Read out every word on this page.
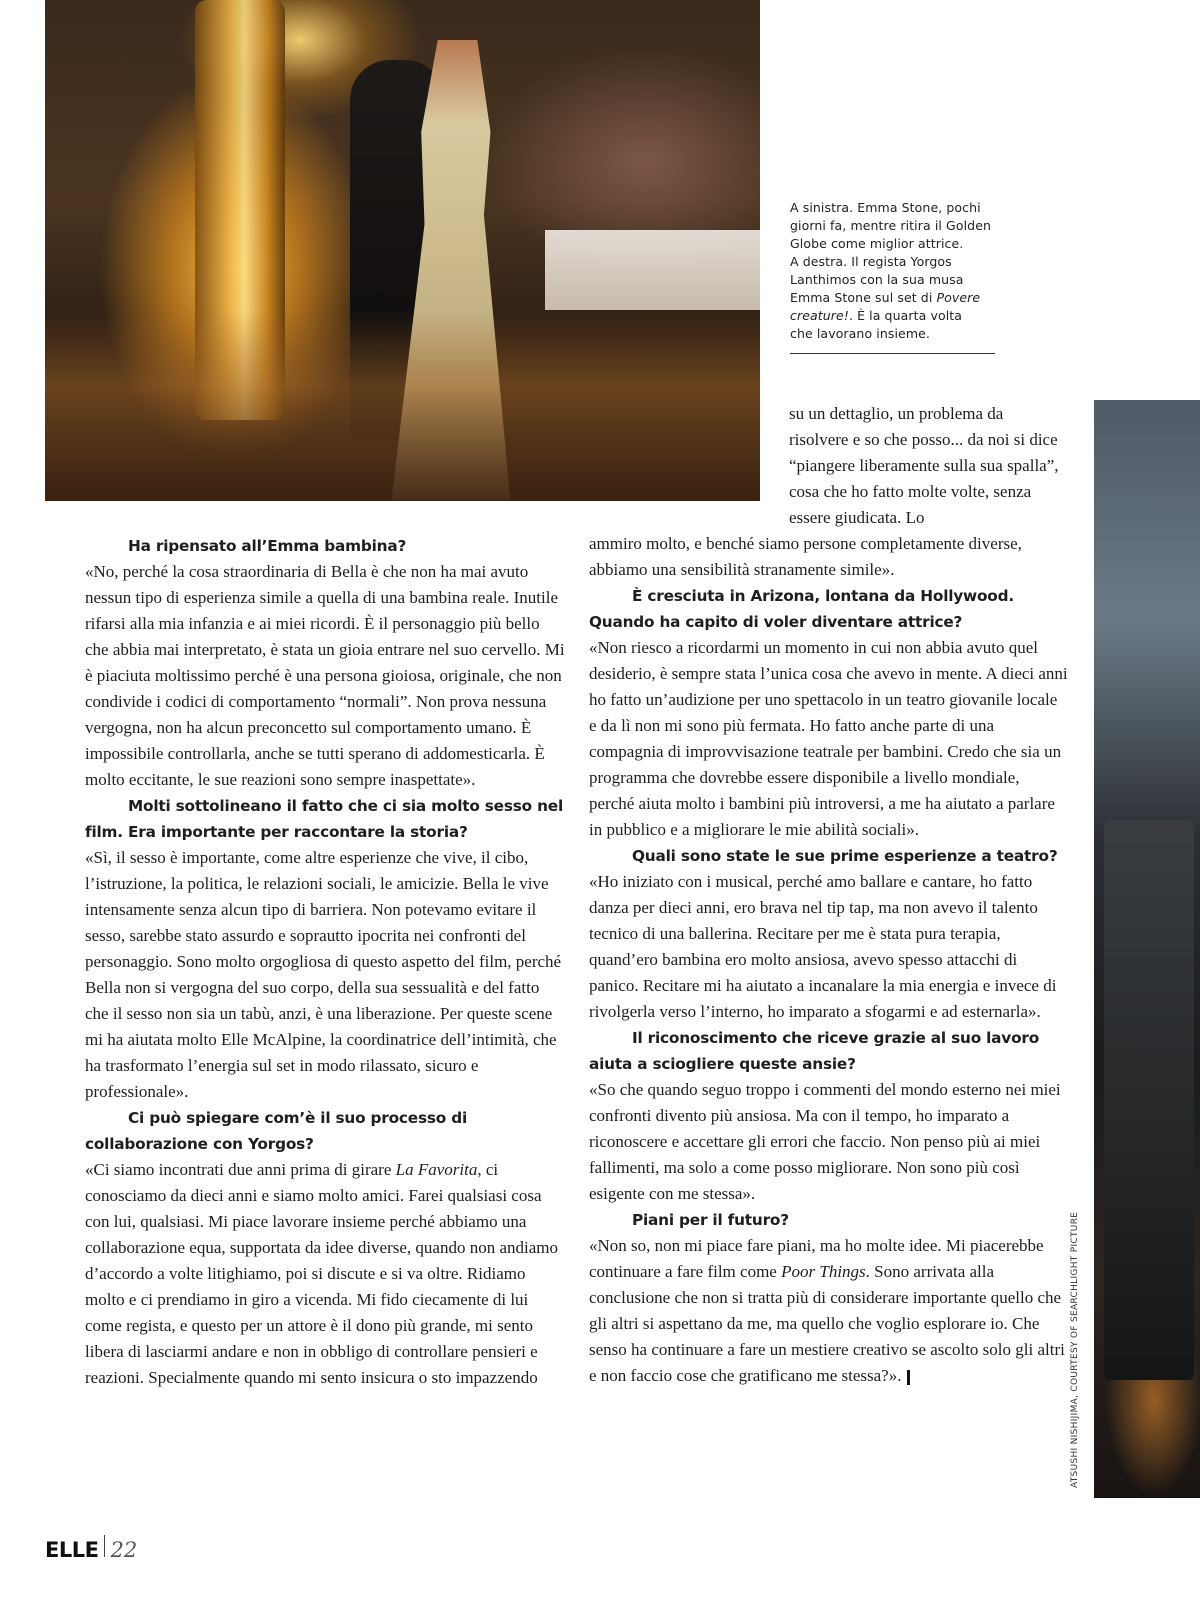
A sinistra. Emma Stone, pochi
giorni fa, mentre ritira il Golden
Globe come miglior attrice.
A destra. Il regista Yorgos
Lanthimos con la sua musa
Emma Stone sul set di Povere
creature!. È la quarta volta
che lavorano insieme.
ATSUSHI NISHIJIMA, COURTESY OF SEARCHLIGHT PICTURE

Ha ripensato all’Emma bambina?

«No, perché la cosa straordinaria di Bella è che non ha mai avuto nessun tipo di esperienza simile a quella di una bambina reale. Inutile rifarsi alla mia infanzia e ai miei ricordi. È il personaggio più bello che abbia mai interpretato, è stata un gioia entrare nel suo cervello. Mi è piaciuta moltissimo perché è una persona gioiosa, originale, che non condivide i codici di comportamento “normali”. Non prova nessuna vergogna, non ha alcun preconcetto sul comportamento umano. È impossibile controllarla, anche se tutti sperano di addomesticarla. È molto eccitante, le sue reazioni sono sempre inaspettate».

Molti sottolineano il fatto che ci sia molto sesso nel film. Era importante per raccontare la storia?

«Sì, il sesso è importante, come altre esperienze che vive, il cibo, l’istruzione, la politica, le relazioni sociali, le amicizie. Bella le vive intensamente senza alcun tipo di barriera. Non potevamo evitare il sesso, sarebbe stato assurdo e soprautto ipocrita nei confronti del personaggio. Sono molto orgogliosa di questo aspetto del film, perché Bella non si vergogna del suo corpo, della sua sessualità e del fatto che il sesso non sia un tabù, anzi, è una liberazione. Per queste scene mi ha aiutata molto Elle McAlpine, la coordinatrice dell’intimità, che ha trasformato l’energia sul set in modo rilassato, sicuro e professionale».

Ci può spiegare com’è il suo processo di collaborazione con Yorgos?

«Ci siamo incontrati due anni prima di girare La Favorita, ci conosciamo da dieci anni e siamo molto amici. Farei qualsiasi cosa con lui, qualsiasi. Mi piace lavorare insieme perché abbiamo una collaborazione equa, supportata da idee diverse, quando non andiamo d’accordo a volte litighiamo, poi si discute e si va oltre. Ridiamo molto e ci prendiamo in giro a vicenda. Mi fido ciecamente di lui come regista, e questo per un attore è il dono più grande, mi sento libera di lasciarmi andare e non in obbligo di controllare pensieri e reazioni. Specialmente quando mi sento insicura o sto impazzendo

su un dettaglio, un problema da risolvere e so che posso... da noi si dice “piangere liberamente sulla sua spalla”, cosa che ho fatto molte volte, senza essere giudicata. Lo

ammiro molto, e benché siamo persone completamente diverse, abbiamo una sensibilità stranamente simile».

È cresciuta in Arizona, lontana da Hollywood. Quando ha capito di voler diventare attrice?

«Non riesco a ricordarmi un momento in cui non abbia avuto quel desiderio, è sempre stata l’unica cosa che avevo in mente. A dieci anni ho fatto un’audizione per uno spettacolo in un teatro giovanile locale e da lì non mi sono più fermata. Ho fatto anche parte di una compagnia di improvvisazione teatrale per bambini. Credo che sia un programma che dovrebbe essere disponibile a livello mondiale, perché aiuta molto i bambini più introversi, a me ha aiutato a parlare in pubblico e a migliorare le mie abilità sociali».

Quali sono state le sue prime esperienze a teatro?

«Ho iniziato con i musical, perché amo ballare e cantare, ho fatto danza per dieci anni, ero brava nel tip tap, ma non avevo il talento tecnico di una ballerina. Recitare per me è stata pura terapia, quand’ero bambina ero molto ansiosa, avevo spesso attacchi di panico. Recitare mi ha aiutato a incanalare la mia energia e invece di rivolgerla verso l’interno, ho imparato a sfogarmi e ad esternarla».

Il riconoscimento che riceve grazie al suo lavoro aiuta a sciogliere queste ansie?

«So che quando seguo troppo i commenti del mondo esterno nei miei confronti divento più ansiosa. Ma con il tempo, ho imparato a riconoscere e accettare gli errori che faccio. Non penso più ai miei fallimenti, ma solo a come posso migliorare. Non sono più così esigente con me stessa».

Piani per il futuro?

«Non so, non mi piace fare piani, ma ho molte idee. Mi piacerebbe continuare a fare film come Poor Things. Sono arrivata alla conclusione che non si tratta più di considerare importante quello che gli altri si aspettano da me, ma quello che voglio esplorare io. Che senso ha continuare a fare un mestiere creativo se ascolto solo gli altri e non faccio cose che gratificano me stessa?».

ELLE 22
